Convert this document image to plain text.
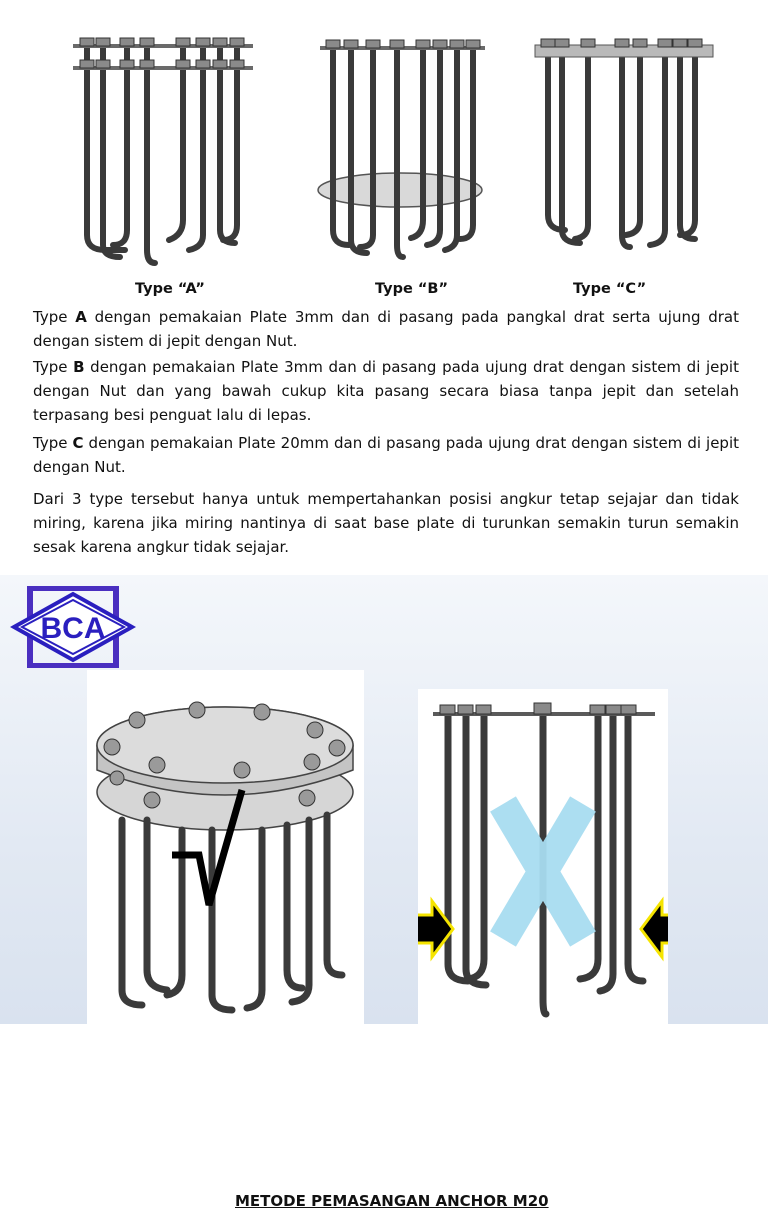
Type “A”	Type “B”	Type “C”

Type A dengan pemakaian Plate 3mm dan di pasang pada pangkal drat serta ujung drat dengan sistem di jepit dengan Nut.

Type B dengan pemakaian Plate 3mm dan di pasang pada ujung drat dengan sistem di jepit dengan Nut dan yang bawah cukup kita pasang secara biasa tanpa jepit dan setelah terpasang besi penguat lalu di lepas.

Type C dengan pemakaian Plate 20mm dan di pasang pada ujung drat dengan sistem di jepit dengan Nut.

Dari 3 type tersebut hanya untuk mempertahankan posisi angkur tetap sejajar dan tidak miring, karena jika miring nantinya di saat base plate di turunkan semakin turun semakin sesak karena angkur tidak sejajar.

BCA
METODE PEMASANGAN ANCHOR M20
